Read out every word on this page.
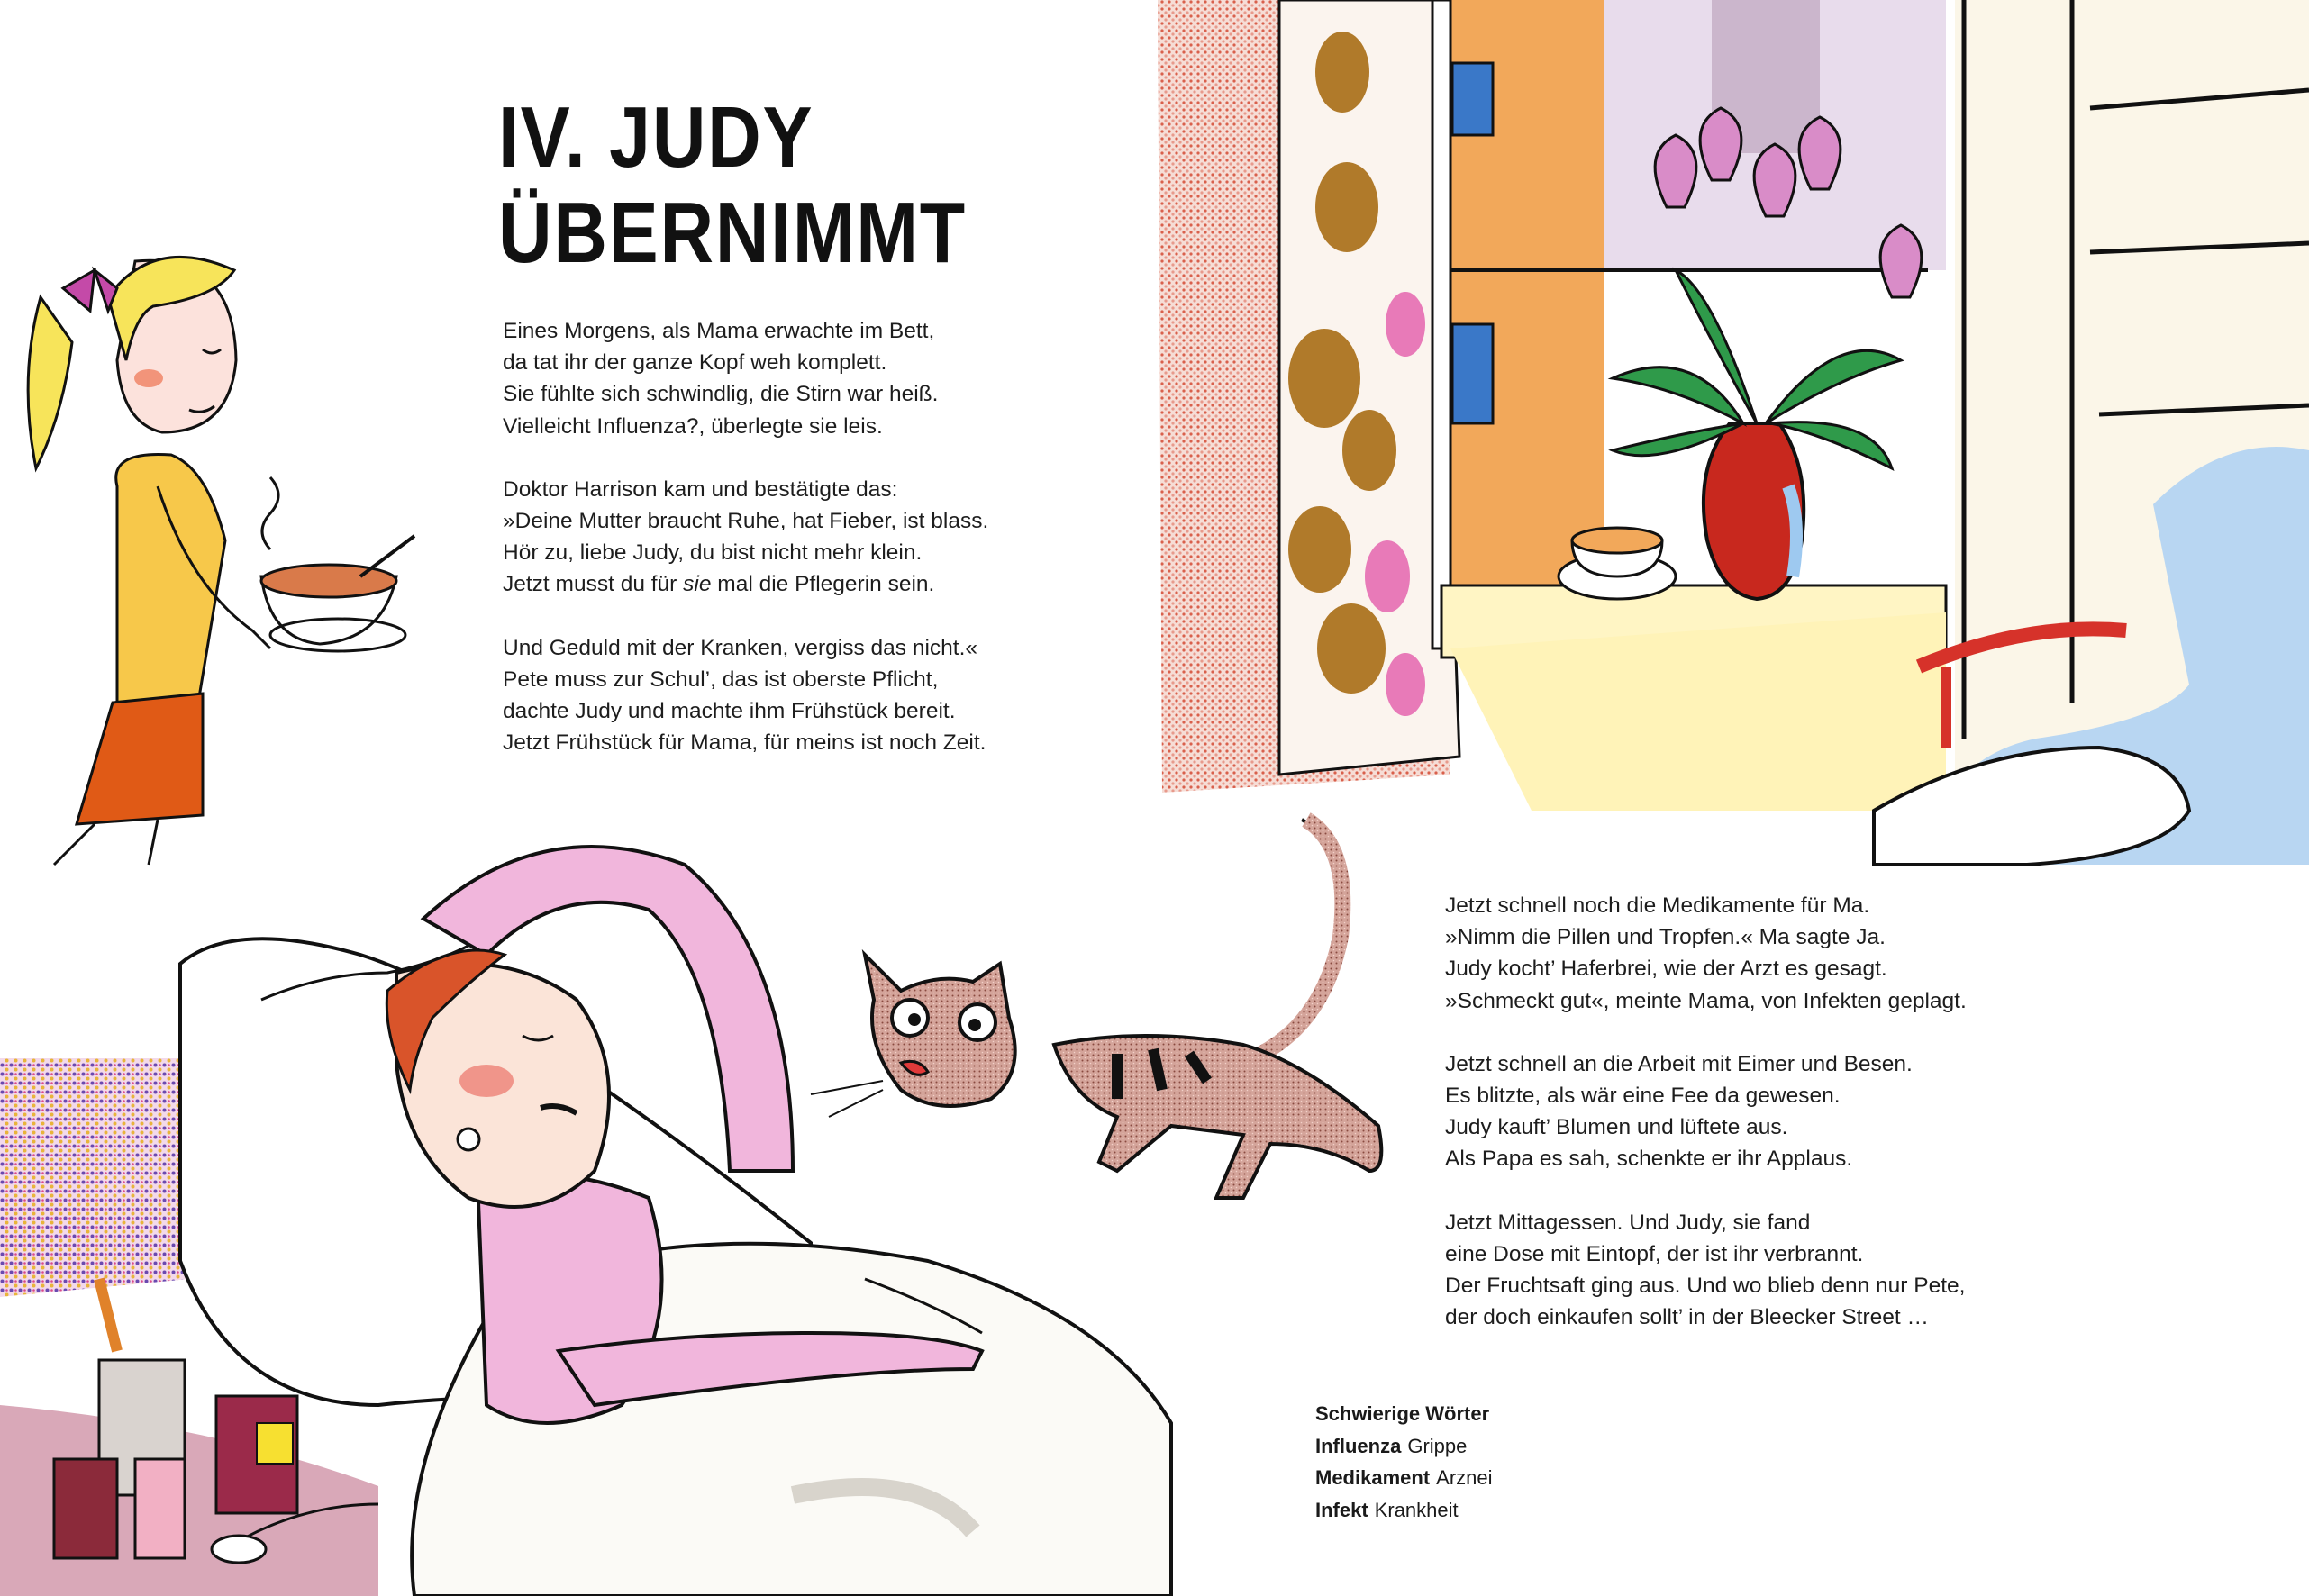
IV. JUDY
ÜBERNIMMT

Eines Morgens, als Mama erwachte im Bett,
da tat ihr der ganze Kopf weh komplett.
Sie fühlte sich schwindlig, die Stirn war heiß.
Vielleicht Influenza?, überlegte sie leis.

Doktor Harrison kam und bestätigte das:
»Deine Mutter braucht Ruhe, hat Fieber, ist blass.
Hör zu, liebe Judy, du bist nicht mehr klein.
Jetzt musst du für sie mal die Pflegerin sein.

Und Geduld mit der Kranken, vergiss das nicht.«
Pete muss zur Schul’, das ist oberste Pflicht,
dachte Judy und machte ihm Frühstück bereit.
Jetzt Frühstück für Mama, für meins ist noch Zeit.

Jetzt schnell noch die Medikamente für Ma.
»Nimm die Pillen und Tropfen.« Ma sagte Ja.
Judy kocht’ Haferbrei, wie der Arzt es gesagt.
»Schmeckt gut«, meinte Mama, von Infekten geplagt.

Jetzt schnell an die Arbeit mit Eimer und Besen.
Es blitzte, als wär eine Fee da gewesen.
Judy kauft’ Blumen und lüftete aus.
Als Papa es sah, schenkte er ihr Applaus.

Jetzt Mittagessen. Und Judy, sie fand
eine Dose mit Eintopf, der ist ihr verbrannt.
Der Fruchtsaft ging aus. Und wo blieb denn nur Pete,
der doch einkaufen sollt’ in der Bleecker Street …

Schwierige Wörter
Influenza Grippe
Medikament Arznei
Infekt Krankheit
